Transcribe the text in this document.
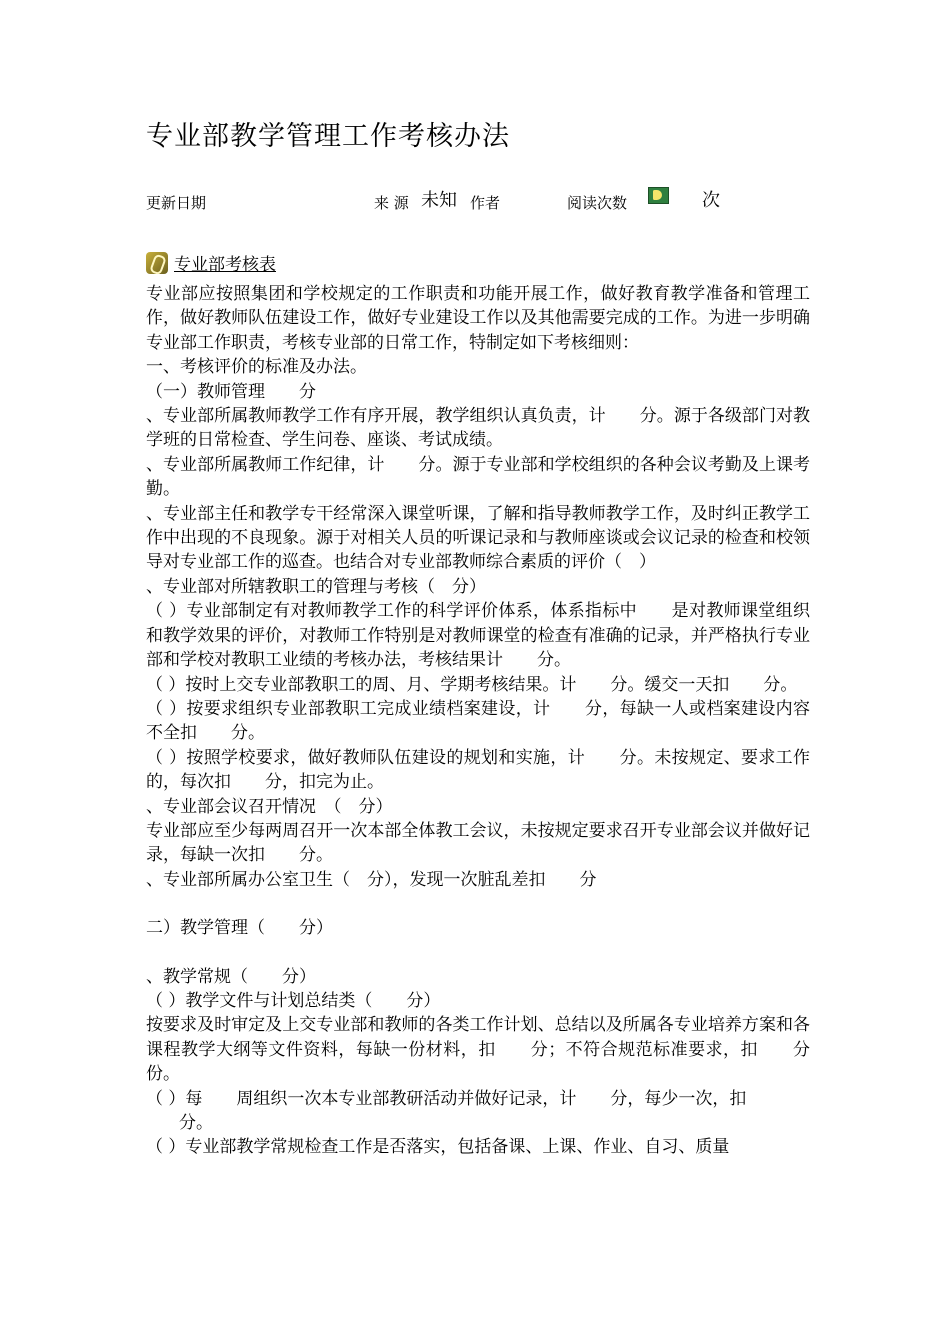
专业部教学管理工作考核办法
更新日期	来 源 未知 作者	阅读次数	次
专业部考核表

专业部应按照集团和学校规定的工作职责和功能开展工作，做好教育教学准备和管理工作，做好教师队伍建设工作，做好专业建设工作以及其他需要完成的工作。为进一步明确专业部工作职责，考核专业部的日常工作，特制定如下考核细则：

一、考核评价的标准及办法。

（一）教师管理　　分

、专业部所属教师教学工作有序开展，教学组织认真负责，计　　分。源于各级部门对教学班的日常检查、学生问卷、座谈、考试成绩。

、专业部所属教师工作纪律，计　　分。源于专业部和学校组织的各种会议考勤及上课考勤。

、专业部主任和教学专干经常深入课堂听课，了解和指导教师教学工作，及时纠正教学工作中出现的不良现象。源于对相关人员的听课记录和与教师座谈或会议记录的检查和校领导对专业部工作的巡查。也结合对专业部教师综合素质的评价（　）

、专业部对所辖教职工的管理与考核（　分）

（ ）专业部制定有对教师教学工作的科学评价体系，体系指标中　　是对教师课堂组织和教学效果的评价，对教师工作特别是对教师课堂的检查有准确的记录，并严格执行专业部和学校对教职工业绩的考核办法，考核结果计　　分。

（ ）按时上交专业部教职工的周、月、学期考核结果。计　　分。缓交一天扣　　分。

（ ）按要求组织专业部教职工完成业绩档案建设，计　　分，每缺一人或档案建设内容不全扣　　分。

（ ）按照学校要求，做好教师队伍建设的规划和实施，计　　分。未按规定、要求工作的，每次扣　　分，扣完为止。

、专业部会议召开情况　（　分）

专业部应至少每两周召开一次本部全体教工会议，未按规定要求召开专业部会议并做好记录，每缺一次扣　　分。

、专业部所属办公室卫生（　分），发现一次脏乱差扣　　分

二）教学管理（　　分）

、教学常规（　　分）

（ ）教学文件与计划总结类（　　分）

按要求及时审定及上交专业部和教师的各类工作计划、总结以及所属各专业培养方案和各课程教学大纲等文件资料，每缺一份材料，扣　　分；不符合规范标准要求，扣　　分 份。

（ ）每　　周组织一次本专业部教研活动并做好记录，计　　分，每少一次，扣

分。

（ ）专业部教学常规检查工作是否落实，包括备课、上课、作业、自习、质量
